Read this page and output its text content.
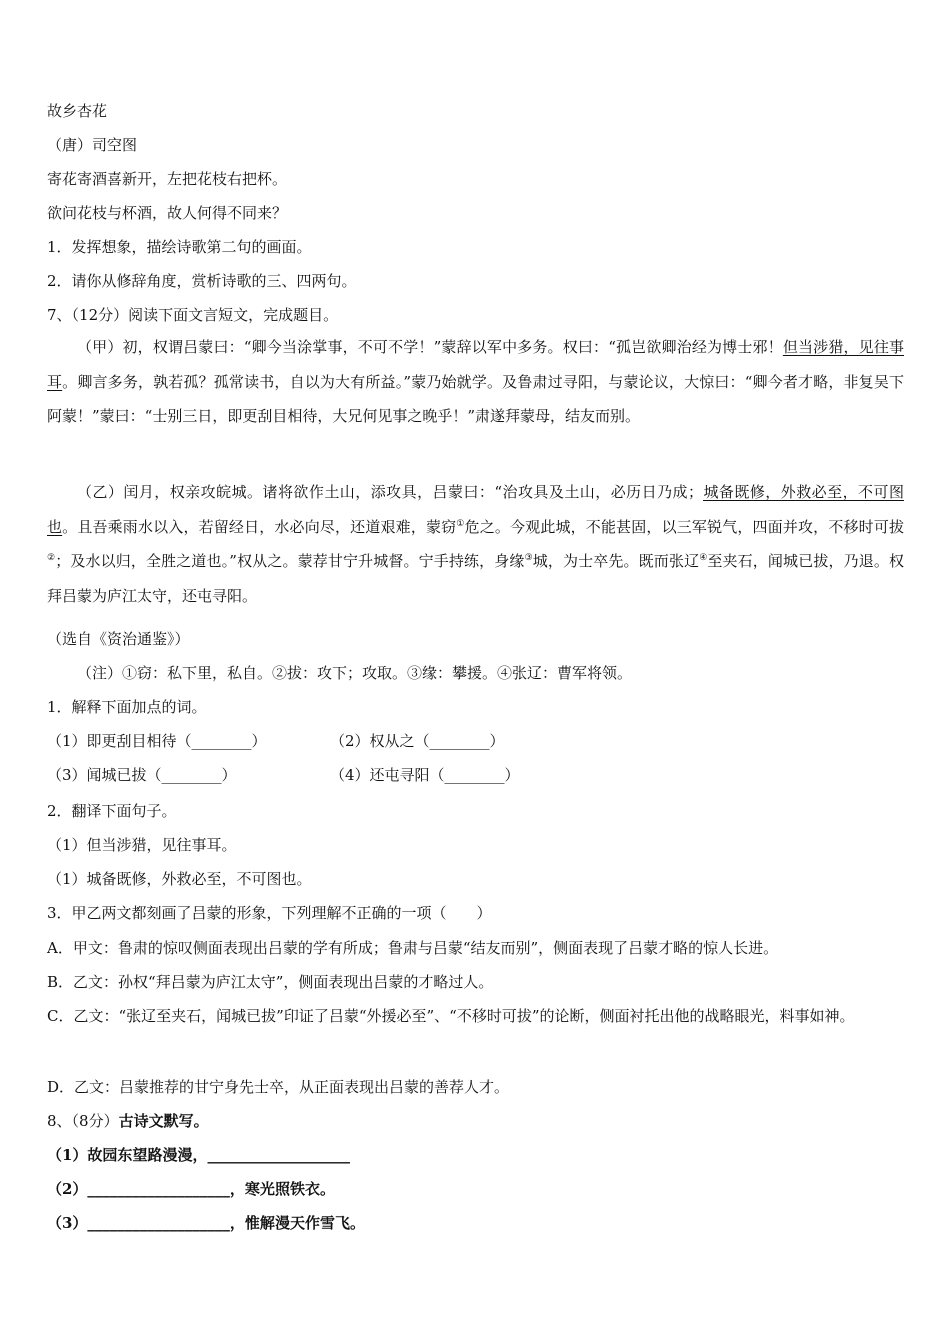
故乡杏花
（唐）司空图
寄花寄酒喜新开，左把花枝右把杯。
欲问花枝与杯酒，故人何得不同来？
1．发挥想象，描绘诗歌第二句的画面。
2．请你从修辞角度，赏析诗歌的三、四两句。
7、（12分）阅读下面文言短文，完成题目。
（甲）初，权谓吕蒙曰：“卿今当涂掌事，不可不学！”蒙辞以军中多务。权曰：“孤岂欲卿治经为博士邪！但当涉猎，见往事耳。卿言多务，孰若孤？孤常读书，自以为大有所益。”蒙乃始就学。及鲁肃过寻阳，与蒙论议，大惊曰：“卿今者才略，非复吴下阿蒙！”蒙曰：“士别三日，即更刮目相待，大兄何见事之晚乎！”肃遂拜蒙母，结友而别。
（乙）闰月，权亲攻皖城。诸将欲作土山，添攻具，吕蒙曰：“治攻具及土山，必历日乃成；城备既修，外救必至，不可图也。且吾乘雨水以入，若留经日，水必向尽，还道艰难，蒙窃①危之。今观此城，不能甚固，以三军锐气，四面并攻，不移时可拔②；及水以归，全胜之道也。”权从之。蒙荐甘宁升城督。宁手持练，身缘③城，为士卒先。既而张辽④至夹石，闻城已拔，乃退。权拜吕蒙为庐江太守，还屯寻阳。
（选自《资治通鉴》）
（注）①窃：私下里，私自。②拔：攻下；攻取。③缘：攀援。④张辽：曹军将领。
1．解释下面加点的词。
（1）即更刮目相待（________）	（2）权从之（________）
（3）闻城已拔（________）	（4）还屯寻阳（________）
2．翻译下面句子。
（1）但当涉猎，见往事耳。
（1）城备既修，外救必至，不可图也。
3．甲乙两文都刻画了吕蒙的形象，下列理解不正确的一项（　　）
A．甲文：鲁肃的惊叹侧面表现出吕蒙的学有所成；鲁肃与吕蒙“结友而别”，侧面表现了吕蒙才略的惊人长进。
B．乙文：孙权“拜吕蒙为庐江太守”，侧面表现出吕蒙的才略过人。
C．乙文：“张辽至夹石，闻城已拔”印证了吕蒙“外援必至”、“不移时可拔”的论断，侧面衬托出他的战略眼光，料事如神。
D．乙文：吕蒙推荐的甘宁身先士卒，从正面表现出吕蒙的善荐人才。
8、（8分）古诗文默写。
（1）故园东望路漫漫，___________________
（2）___________________，寒光照铁衣。
（3）___________________，惟解漫天作雪飞。
